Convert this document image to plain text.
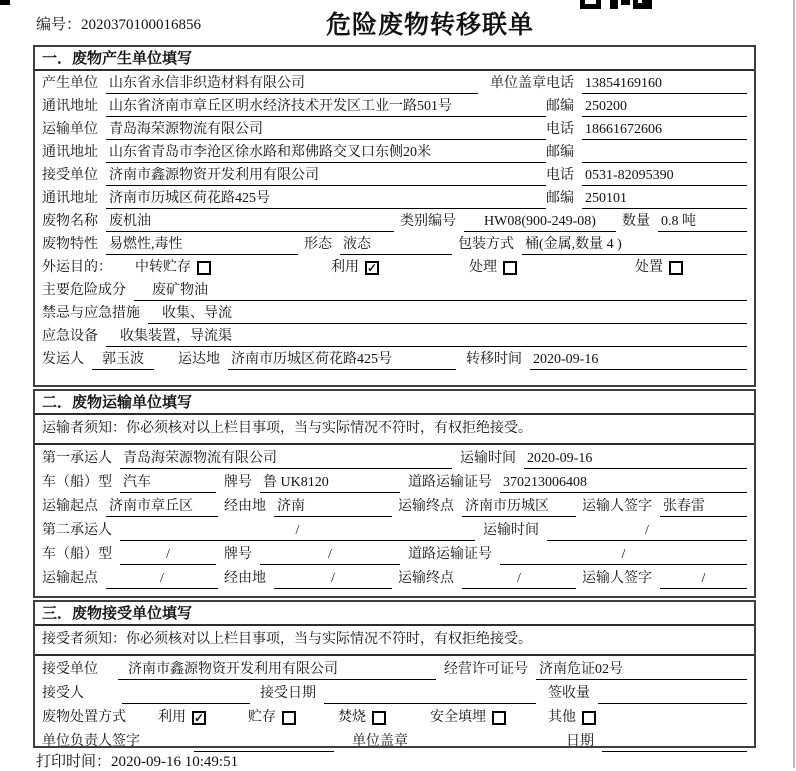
编号：2020370100016856	危险废物转移联单
一．废物产生单位填写
产生单位 山东省永信非织造材料有限公司	单位盖章 电话 13854169160
通讯地址 山东省济南市章丘区明水经济技术开发区工业一路501号	邮编 250200
运输单位 青岛海荣源物流有限公司	电话 18661672606
通讯地址 山东省青岛市李沧区徐水路和郑佛路交叉口东侧20米	邮编
接受单位 济南市鑫源物资开发利用有限公司	电话 0531-82095390
通讯地址 济南市历城区荷花路425号	邮编 250101
废物名称 废机油	类别编号	HW08(900-249-08)	数量 0.8 吨
废物特性 易燃性,毒性	形态 液态	包装方式 桶(金属,数量 4 )
外运目的：	中转贮存	利用 ✓	处理	处置
主要危险成分	废矿物油
禁忌与应急措施	收集、导流
应急设备	收集装置，导流渠
发运人	郭玉波	运达地 济南市历城区荷花路425号	转移时间 2020-09-16
二．废物运输单位填写
运输者须知：你必须核对以上栏目事项，当与实际情况不符时，有权拒绝接受。
第一承运人 青岛海荣源物流有限公司	运输时间 2020-09-16
车（船）型 汽车	牌号 鲁 UK8120	道路运输证号 370213006408
运输起点 济南市章丘区	经由地 济南	运输终点 济南市历城区	运输人签字 张春雷
第二承运人	/	运输时间	/
车（船）型	/	牌号	/	道路运输证号	/
运输起点	/	经由地	/	运输终点	/	运输人签字	/
三．废物接受单位填写
接受者须知：你必须核对以上栏目事项，当与实际情况不符时，有权拒绝接受。
接受单位	济南市鑫源物资开发利用有限公司	经营许可证号 济南危证02号
接受人	接受日期	签收量
废物处置方式	利用 ✓	贮存	焚烧	安全填埋	其他
单位负责人签字	单位盖章	日期
打印时间：2020-09-16 10:49:51
